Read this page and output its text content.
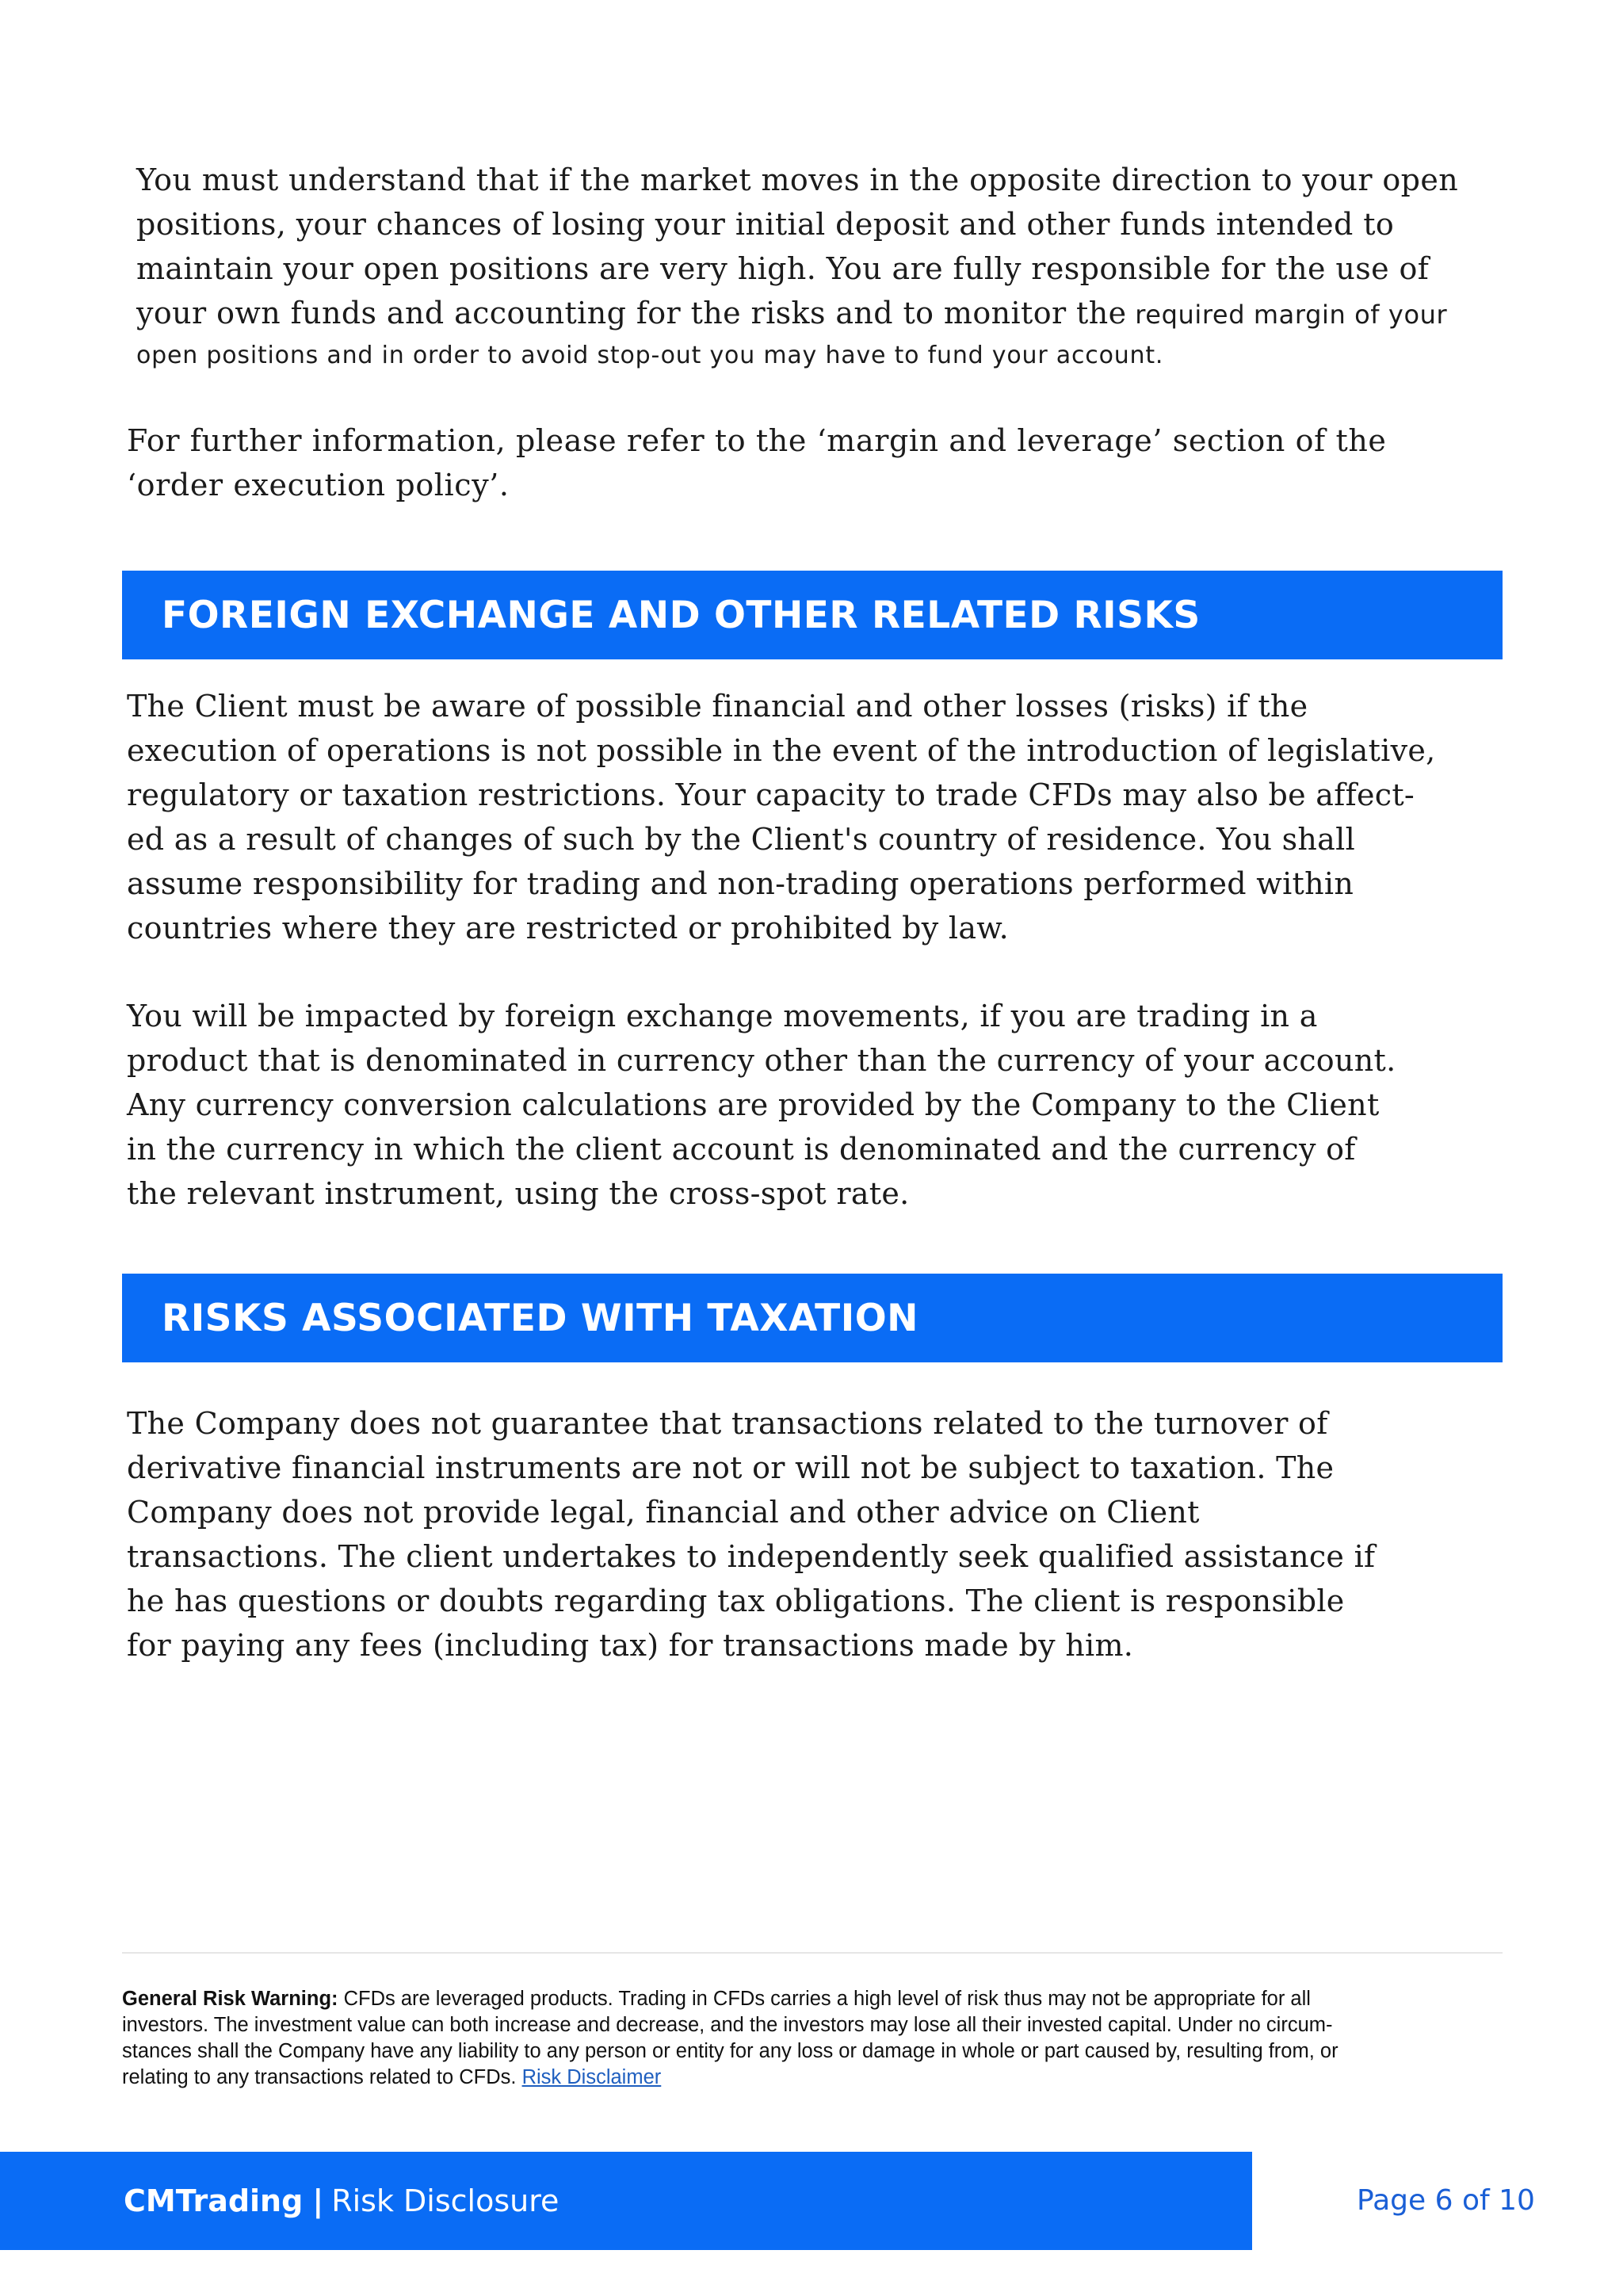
You must understand that if the market moves in the opposite direction to your open

positions, your chances of losing your initial deposit and other funds intended to

maintain your open positions are very high. You are fully responsible for the use of

your own funds and accounting for the risks and to monitor the required margin of your

open positions and in order to avoid stop-out you may have to fund your account.

For further information, please refer to the ‘margin and leverage’ section of the

‘order execution policy’.

FOREIGN EXCHANGE AND OTHER RELATED RISKS

The Client must be aware of possible financial and other losses (risks) if the

execution of operations is not possible in the event of the introduction of legislative,

regulatory or taxation restrictions. Your capacity to trade CFDs may also be affect-

ed as a result of changes of such by the Client's country of residence. You shall

assume responsibility for trading and non-trading operations performed within

countries where they are restricted or prohibited by law.

You will be impacted by foreign exchange movements, if you are trading in a

product that is denominated in currency other than the currency of your account.

Any currency conversion calculations are provided by the Company to the Client

in the currency in which the client account is denominated and the currency of

the relevant instrument, using the cross-spot rate.

RISKS ASSOCIATED WITH TAXATION

The Company does not guarantee that transactions related to the turnover of

derivative financial instruments are not or will not be subject to taxation. The

Company does not provide legal, financial and other advice on Client

transactions. The client undertakes to independently seek qualified assistance if

he has questions or doubts regarding tax obligations. The client is responsible

for paying any fees (including tax) for transactions made by him.

General Risk Warning: CFDs are leveraged products. Trading in CFDs carries a high level of risk thus may not be appropriate for all

investors. The investment value can both increase and decrease, and the investors may lose all their invested capital. Under no circum-

stances shall the Company have any liability to any person or entity for any loss or damage in whole or part caused by, resulting from, or

relating to any transactions related to CFDs. Risk Disclaimer

CMTrading | Risk Disclosure	Page 6 of 10
